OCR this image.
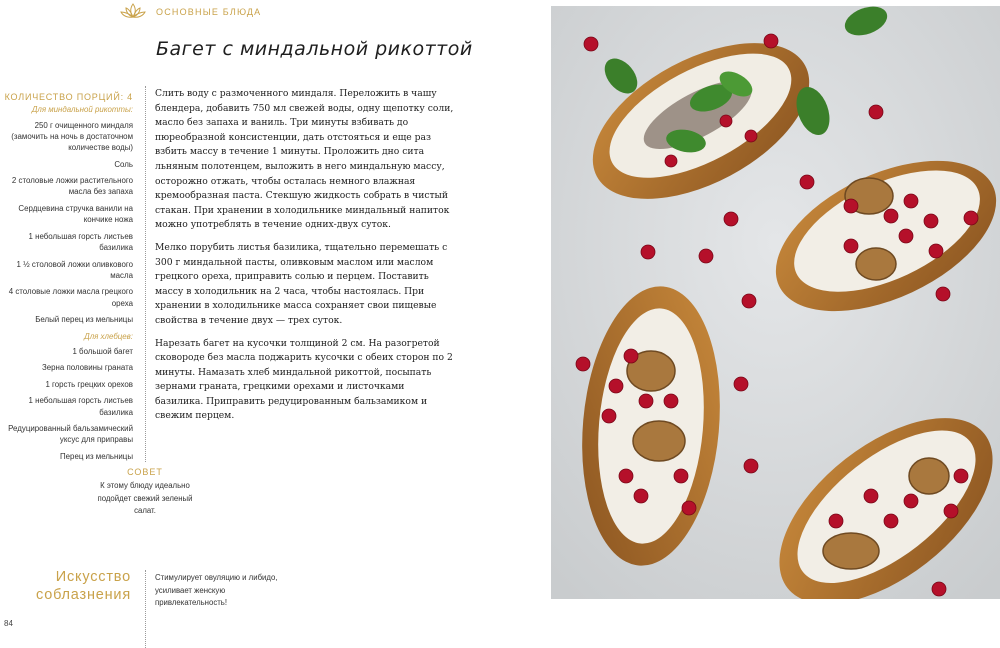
ОСНОВНЫЕ БЛЮДА
Багет с миндальной рикоттой
КОЛИЧЕСТВО ПОРЦИЙ: 4
Для миндальной рикотты:
250 г очищенного миндаля (замочить на ночь в достаточном количестве воды)
Соль
2 столовые ложки растительного масла без запаха
Сердцевина стручка ванили на кончике ножа
1 небольшая горсть листьев базилика
1 ½ столовой ложки оливкового масла
4 столовые ложки масла грецкого ореха
Белый перец из мельницы
Для хлебцев:
1 большой багет
Зерна половины граната
1 горсть грецких орехов
1 небольшая горсть листьев базилика
Редуцированный бальзамический уксус для приправы
Перец из мельницы

Слить воду с размоченного миндаля. Переложить в чашу блендера, добавить 750 мл свежей воды, одну щепотку соли, масло без запаха и ваниль. Три минуты взбивать до пюреобразной консистенции, дать отстояться и еще раз взбить массу в течение 1 минуты. Проложить дно сита льняным полотенцем, выложить в него миндальную массу, осторожно отжать, чтобы осталась немного влажная кремообразная паста. Стекшую жидкость собрать в чистый стакан. При хранении в холодильнике миндальный напиток можно употреблять в течение одних-двух суток.

Мелко порубить листья базилика, тщательно перемешать с 300 г миндальной пасты, оливковым маслом или маслом грецкого ореха, приправить солью и перцем. Поставить массу в холодильник на 2 часа, чтобы настоялась. При хранении в холодильнике масса сохраняет свои пищевые свойства в течение двух — трех суток.

Нарезать багет на кусочки толщиной 2 см. На разогретой сковороде без масла поджарить кусочки с обеих сторон по 2 минуты. Намазать хлеб миндальной рикоттой, посыпать зернами граната, грецкими орехами и листочками базилика. Приправить редуцированным бальзамиком и свежим перцем.

СОВЕТ
К этому блюду идеально подойдет свежий зеленый салат.
Искусство
соблазнения
Стимулирует овуляцию и либидо, усиливает женскую привлекательность!
84
